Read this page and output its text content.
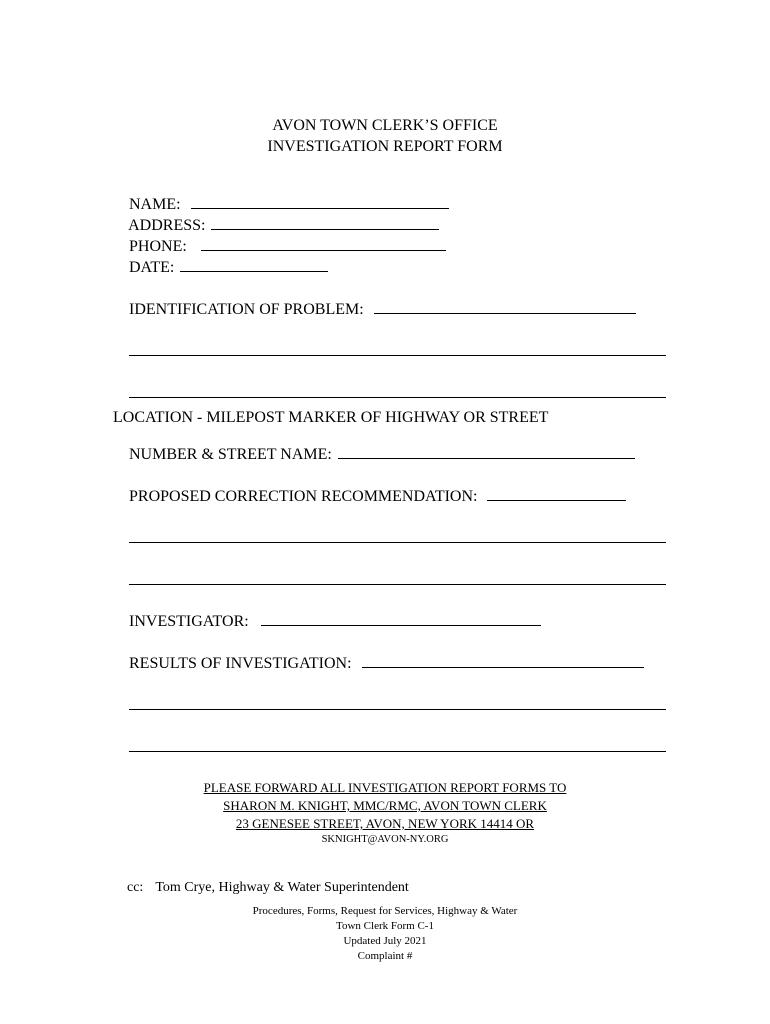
AVON TOWN CLERK’S OFFICE
INVESTIGATION REPORT FORM

NAME:

ADDRESS:

PHONE:

DATE:

IDENTIFICATION OF PROBLEM:

LOCATION - MILEPOST MARKER OF HIGHWAY OR STREET

NUMBER & STREET NAME:

PROPOSED CORRECTION RECOMMENDATION:

INVESTIGATOR:

RESULTS OF INVESTIGATION:

PLEASE FORWARD ALL INVESTIGATION REPORT FORMS TO
SHARON M. KNIGHT, MMC/RMC, AVON TOWN CLERK
23 GENESEE STREET, AVON, NEW YORK 14414 OR
SKNIGHT@AVON-NY.ORG

cc: Tom Crye, Highway & Water Superintendent

Procedures, Forms, Request for Services, Highway & Water
Town Clerk Form C-1
Updated July 2021
Complaint #
